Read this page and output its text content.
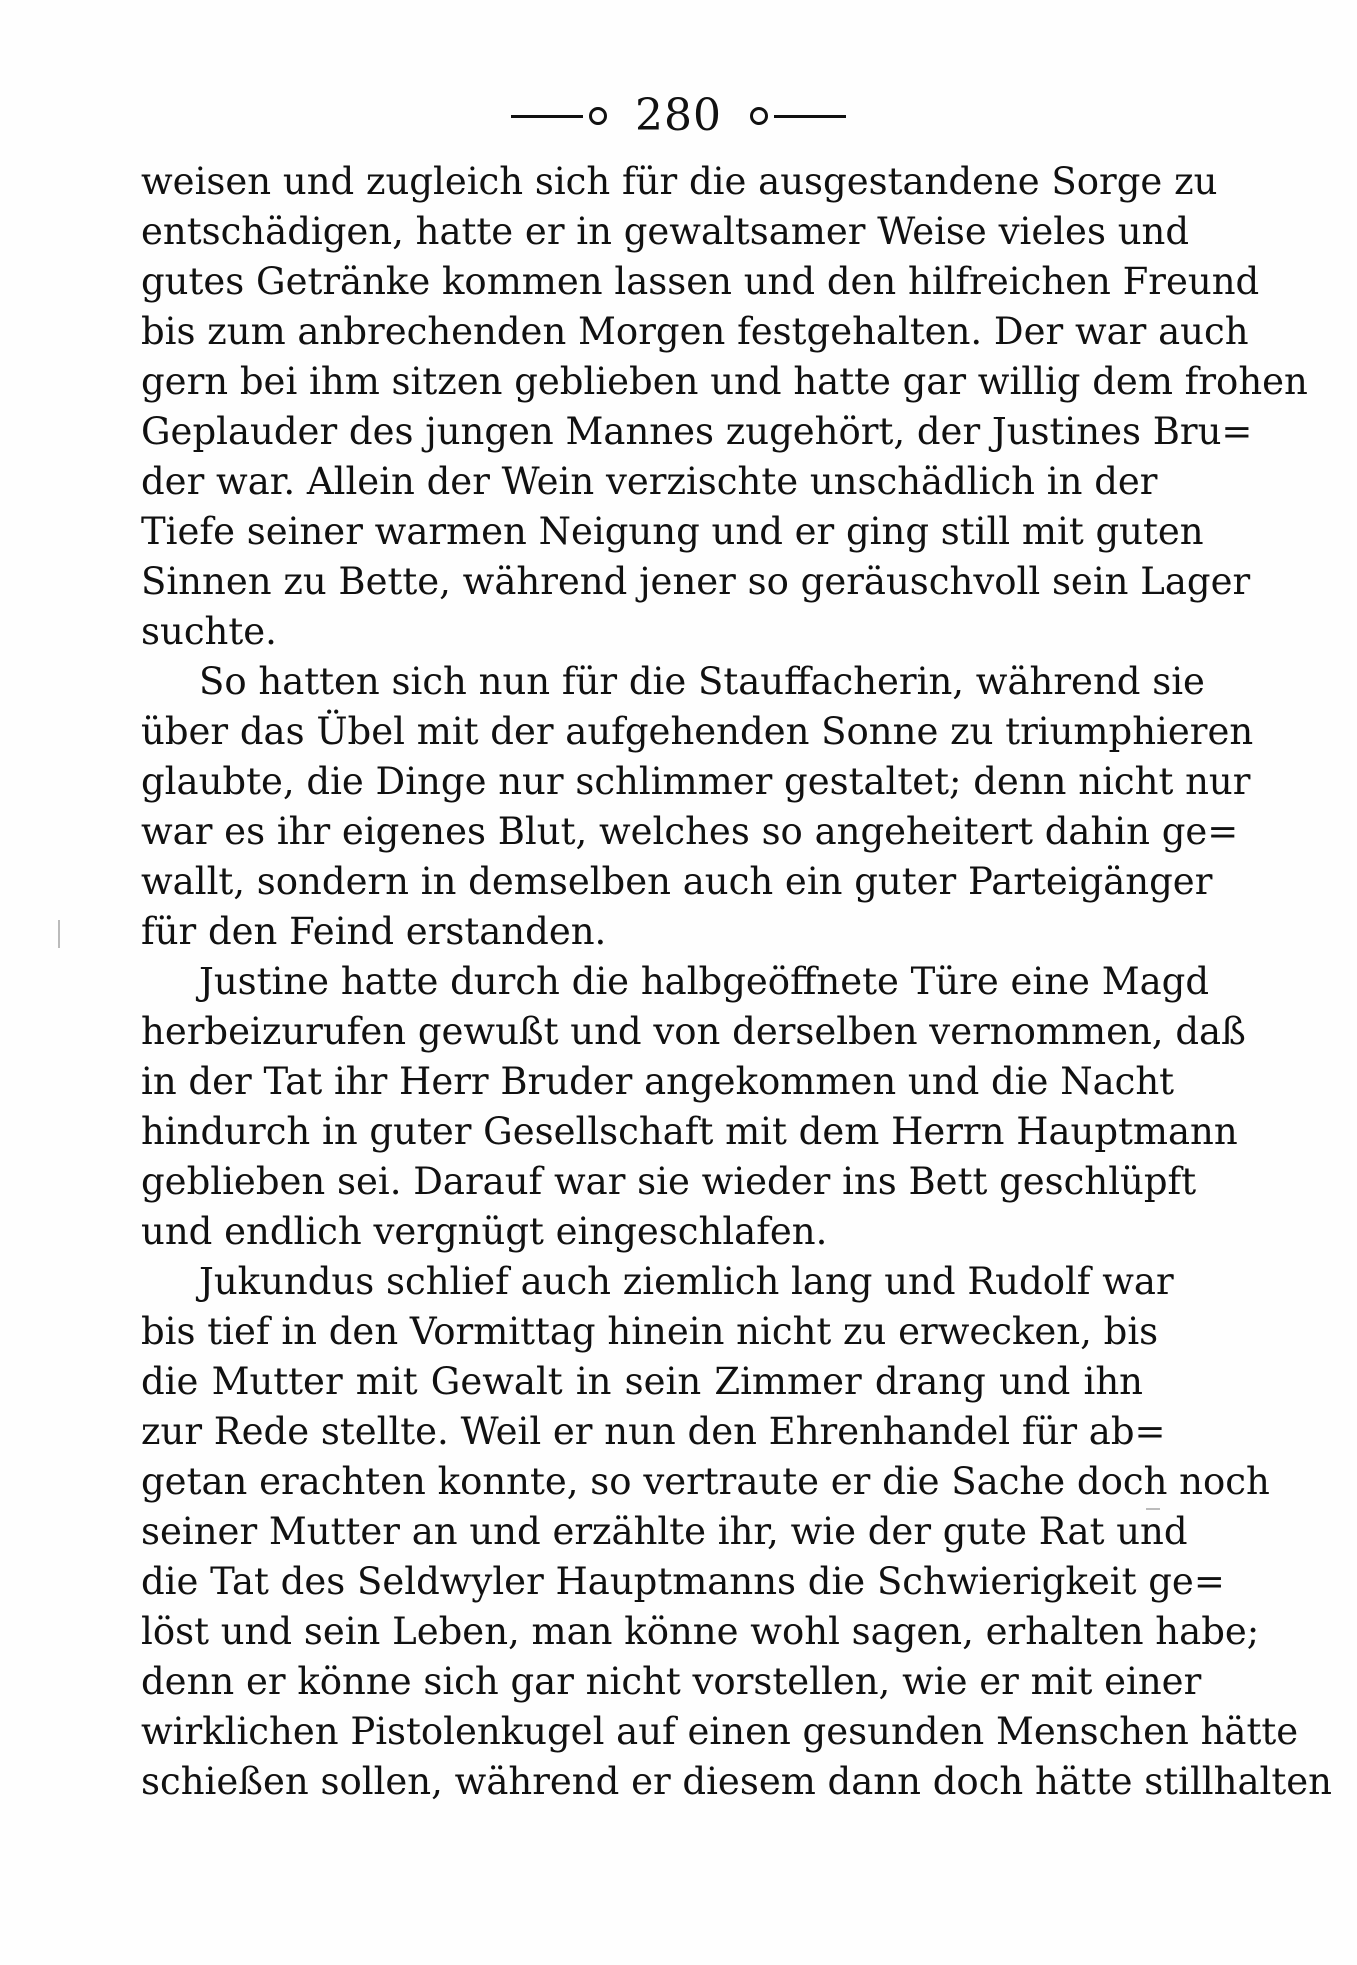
280
weisen und zugleich sich für die ausgestandene Sorge zu
entschädigen, hatte er in gewaltsamer Weise vieles und
gutes Getränke kommen lassen und den hilfreichen Freund
bis zum anbrechenden Morgen festgehalten. Der war auch
gern bei ihm sitzen geblieben und hatte gar willig dem frohen
Geplauder des jungen Mannes zugehört, der Justines Bru=
der war. Allein der Wein verzischte unschädlich in der
Tiefe seiner warmen Neigung und er ging still mit guten
Sinnen zu Bette, während jener so geräuschvoll sein Lager
suchte.
So hatten sich nun für die Stauffacherin, während sie
über das Übel mit der aufgehenden Sonne zu triumphieren
glaubte, die Dinge nur schlimmer gestaltet; denn nicht nur
war es ihr eigenes Blut, welches so angeheitert dahin ge=
wallt, sondern in demselben auch ein guter Parteigänger
für den Feind erstanden.
Justine hatte durch die halbgeöffnete Türe eine Magd
herbeizurufen gewußt und von derselben vernommen, daß
in der Tat ihr Herr Bruder angekommen und die Nacht
hindurch in guter Gesellschaft mit dem Herrn Hauptmann
geblieben sei. Darauf war sie wieder ins Bett geschlüpft
und endlich vergnügt eingeschlafen.
Jukundus schlief auch ziemlich lang und Rudolf war
bis tief in den Vormittag hinein nicht zu erwecken, bis
die Mutter mit Gewalt in sein Zimmer drang und ihn
zur Rede stellte. Weil er nun den Ehrenhandel für ab=
getan erachten konnte, so vertraute er die Sache doch noch
seiner Mutter an und erzählte ihr, wie der gute Rat und
die Tat des Seldwyler Hauptmanns die Schwierigkeit ge=
löst und sein Leben, man könne wohl sagen, erhalten habe;
denn er könne sich gar nicht vorstellen, wie er mit einer
wirklichen Pistolenkugel auf einen gesunden Menschen hätte
schießen sollen, während er diesem dann doch hätte stillhalten
